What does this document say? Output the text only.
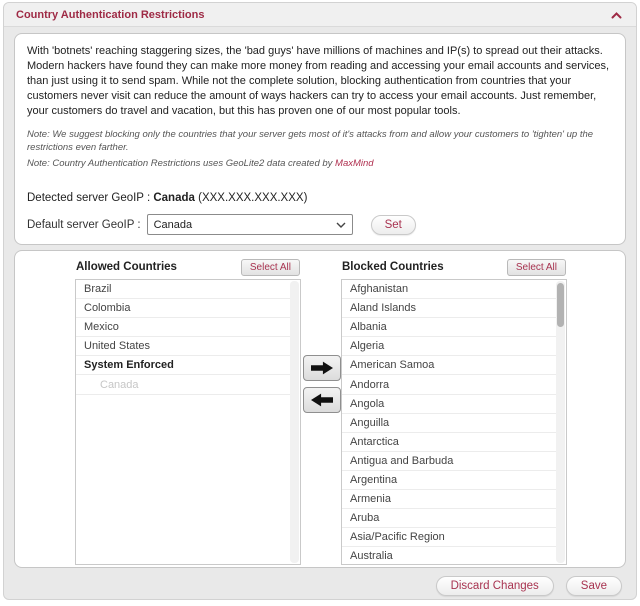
Country Authentication Restrictions

With 'botnets' reaching staggering sizes, the 'bad guys' have millions of machines and IP(s) to spread out their attacks. Modern hackers have found they can make more money from reading and accessing your email accounts and services, than just using it to send spam. While not the complete solution, blocking authentication from countries that your customers never visit can reduce the amount of ways hackers can try to access your email accounts. Just remember, your customers do travel and vacation, but this has proven one of our most popular tools.

Note: We suggest blocking only the countries that your server gets most of it's attacks from and allow your customers to 'tighten' up the restrictions even farther.

Note: Country Authentication Restrictions uses GeoLite2 data created by MaxMind

Detected server GeoIP : Canada (XXX.XXX.XXX.XXX)

Default server GeoIP : Canada	Set

Allowed Countries	Select All
Brazil
Colombia
Mexico
United States
System Enforced
Canada
Blocked Countries	Select All
Afghanistan
Aland Islands
Albania
Algeria
American Samoa
Andorra
Angola
Anguilla
Antarctica
Antigua and Barbuda
Argentina
Armenia
Aruba
Asia/Pacific Region
Australia
Discard Changes	Save
